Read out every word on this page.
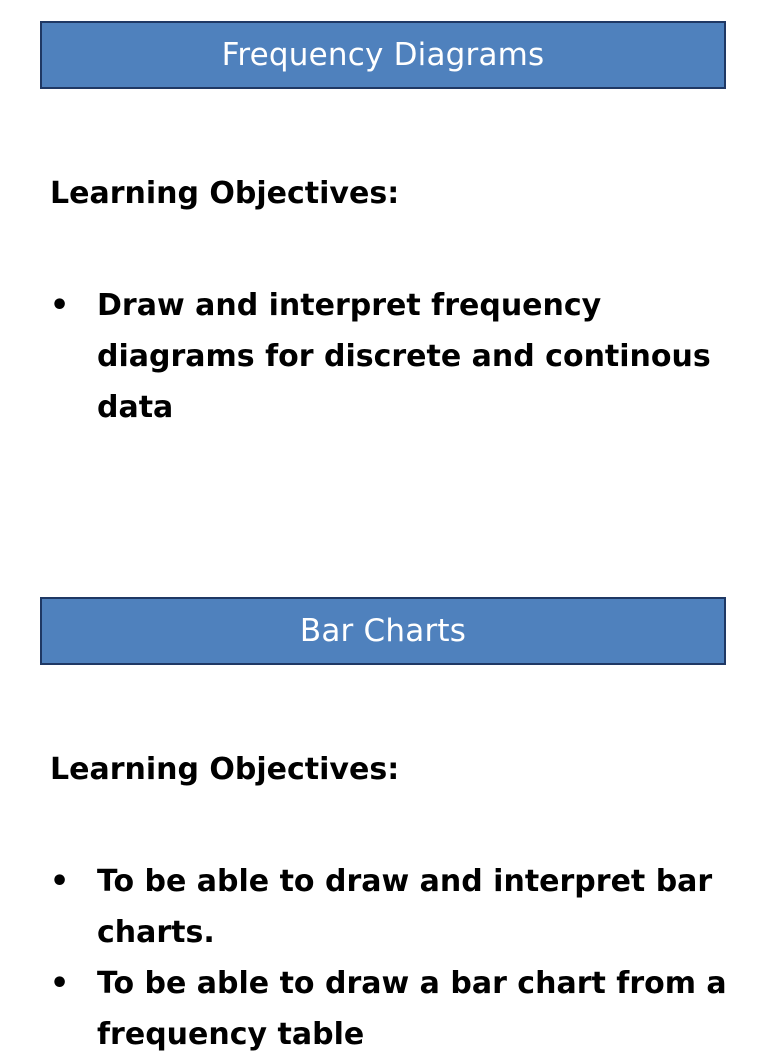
Frequency Diagrams
Learning Objectives:
• Draw and interpret frequency diagrams for discrete and continous data
Bar Charts
Learning Objectives:
• To be able to draw and interpret bar charts.
• To be able to draw a bar chart from a frequency table
